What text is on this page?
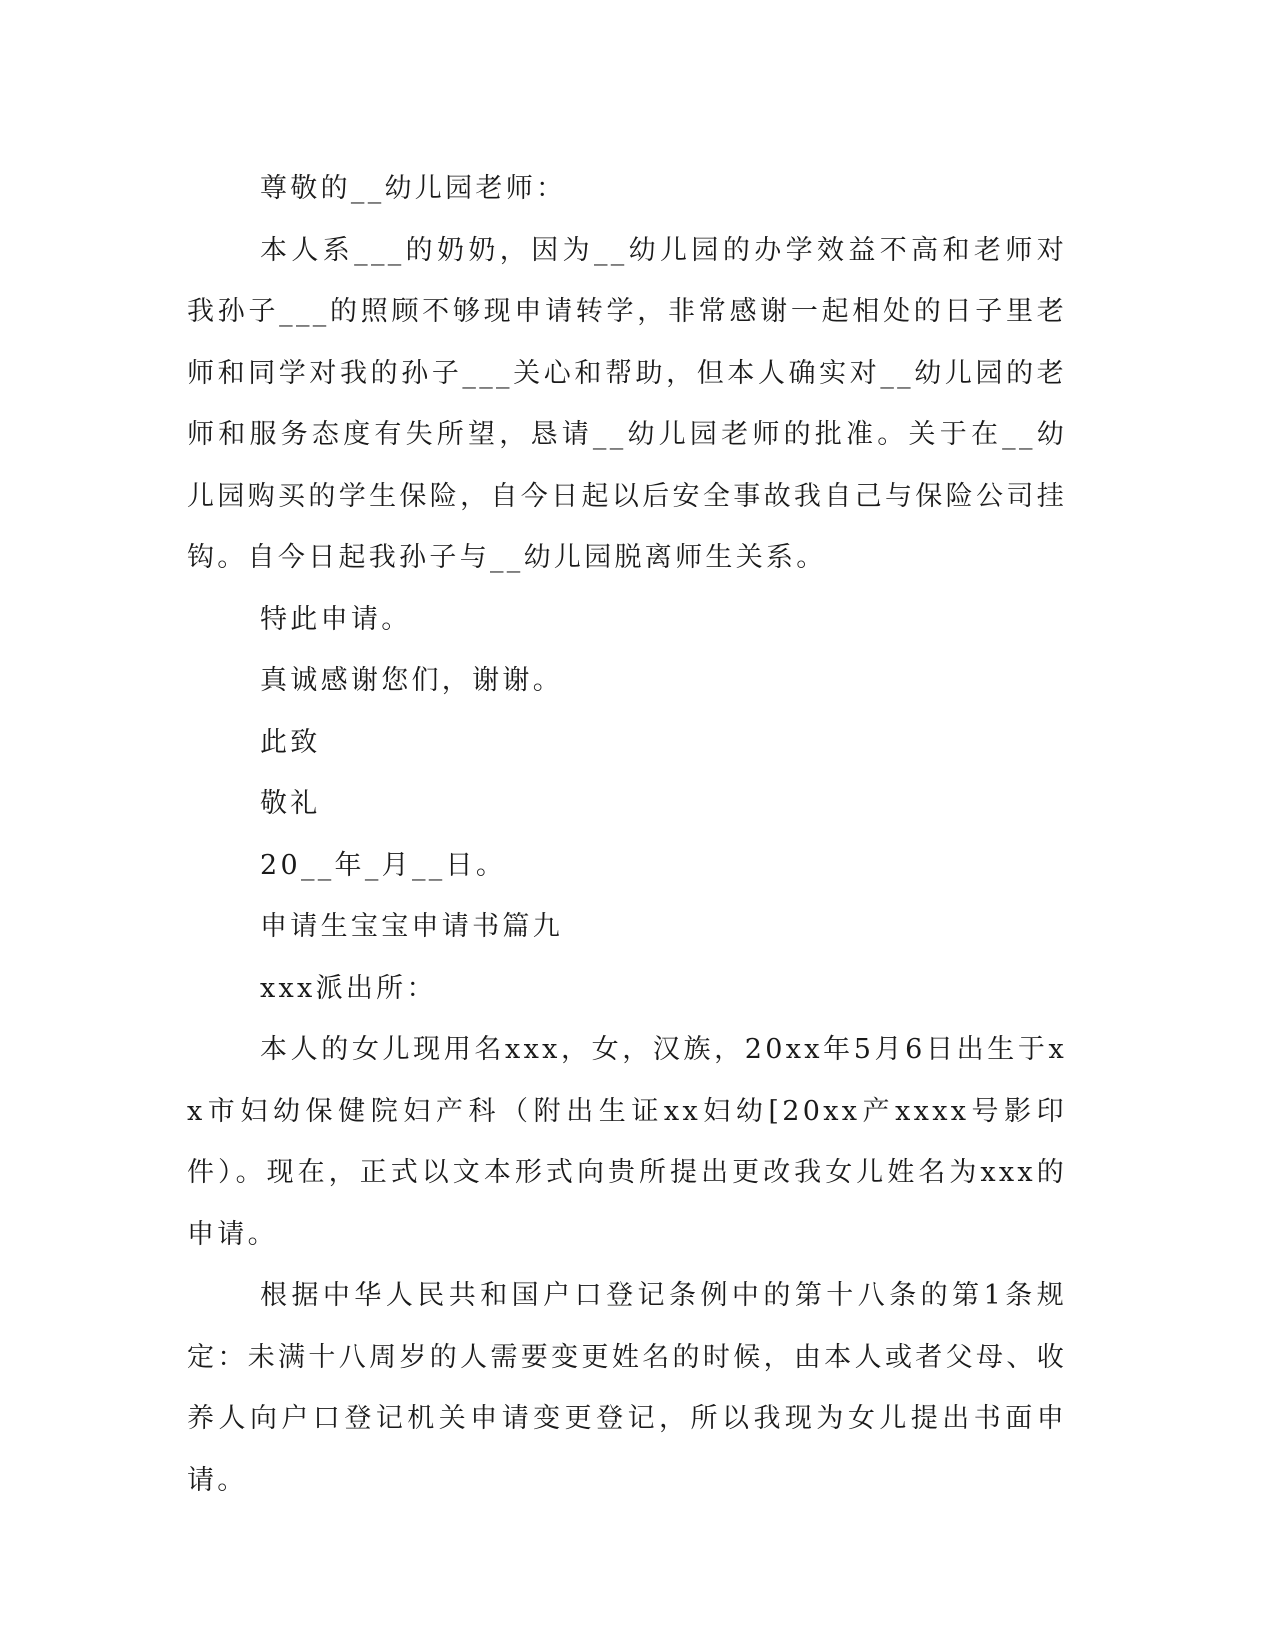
尊敬的__幼儿园老师：

本人系___的奶奶，因为__幼儿园的办学效益不高和老师对我孙子___的照顾不够现申请转学，非常感谢一起相处的日子里老师和同学对我的孙子___关心和帮助，但本人确实对__幼儿园的老师和服务态度有失所望，恳请__幼儿园老师的批准。关于在__幼儿园购买的学生保险，自今日起以后安全事故我自己与保险公司挂钩。自今日起我孙子与__幼儿园脱离师生关系。

特此申请。

真诚感谢您们，谢谢。

此致

敬礼

20__年_月__日。

申请生宝宝申请书篇九

xxx派出所：

本人的女儿现用名xxx，女，汉族，20xx年5月6日出生于xx市妇幼保健院妇产科（附出生证xx妇幼[20xx产xxxx号影印件）。现在，正式以文本形式向贵所提出更改我女儿姓名为xxx的申请。

根据中华人民共和国户口登记条例中的第十八条的第1条规定：未满十八周岁的人需要变更姓名的时候，由本人或者父母、收养人向户口登记机关申请变更登记，所以我现为女儿提出书面申请。
